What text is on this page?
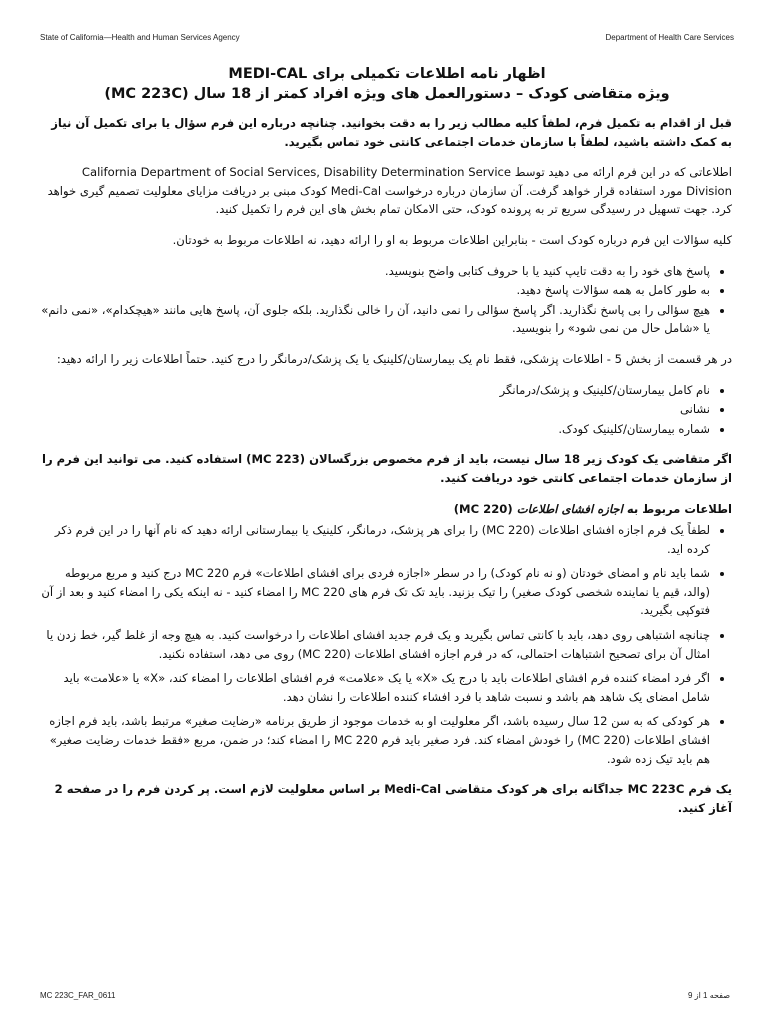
State of California—Health and Human Services Agency	Department of Health Care Services
اظهار نامه اطلاعات تکمیلی برای MEDI-CAL
ویژه متقاضی کودک – دستورالعمل های ویژه افراد کمتر از 18 سال (MC 223C)

قبل از اقدام به تکمیل فرم، لطفاً کلیه مطالب زیر را به دقت بخوانید. چنانچه درباره این فرم سؤال یا برای تکمیل آن نیاز به کمک داشته باشید، لطفاً با سازمان خدمات اجتماعی کانتی خود تماس بگیرید.

اطلاعاتی که در این فرم ارائه می دهید توسط California Department of Social Services, Disability Determination Service Division مورد استفاده قرار خواهد گرفت. آن سازمان درباره درخواست Medi-Cal کودک مبنی بر دریافت مزایای معلولیت تصمیم گیری خواهد کرد. جهت تسهیل در رسیدگی سریع تر به پرونده کودک، حتی الامکان تمام بخش های این فرم را تکمیل کنید.

کلیه سؤالات این فرم درباره کودک است - بنابراین اطلاعات مربوط به او را ارائه دهید، نه اطلاعات مربوط به خودتان.

• پاسخ های خود را به دقت تایپ کنید یا با حروف کتابی واضح بنویسید.
• به طور کامل به همه سؤالات پاسخ دهید.
• هیچ سؤالی را بی پاسخ نگذارید. اگر پاسخ سؤالی را نمی دانید، آن را خالی نگذارید. بلکه جلوی آن، پاسخ هایی مانند «هیچکدام»، «نمی دانم» یا «شامل حال من نمی شود» را بنویسید.

در هر قسمت از بخش 5 - اطلاعات پزشکی، فقط نام یک بیمارستان/کلینیک یا یک پزشک/درمانگر را درج کنید. حتماً اطلاعات زیر را ارائه دهید:

• نام کامل بیمارستان/کلینیک و پزشک/درمانگر
• نشانی
• شماره بیمارستان/کلینیک کودک.

اگر متقاضی یک کودک زیر 18 سال نیست، باید از فرم مخصوص بزرگسالان (MC 223) استفاده کنید. می توانید این فرم را از سازمان خدمات اجتماعی کانتی خود دریافت کنید.

اطلاعات مربوط به اجازه افشای اطلاعات (MC 220)
• لطفاً یک فرم اجازه افشای اطلاعات (MC 220) را برای هر پزشک، درمانگر، کلینیک یا بیمارستانی ارائه دهید که نام آنها را در این فرم ذکر کرده اید.
• شما باید نام و امضای خودتان (و نه نام کودک) را در سطر «اجازه فردی برای افشای اطلاعات» فرم MC 220 درج کنید و مربع مربوطه (والد، قیم یا نماینده شخصی کودک صغیر) را تیک بزنید. باید تک تک فرم های MC 220 را امضاء کنید - نه اینکه یکی را امضاء کنید و بعد از آن فتوکپی بگیرید.
• چنانچه اشتباهی روی دهد، باید با کانتی تماس بگیرید و یک فرم جدید افشای اطلاعات را درخواست کنید. به هیچ وجه از غلط گیر، خط زدن یا امثال آن برای تصحیح اشتباهات احتمالی، که در فرم اجازه افشای اطلاعات (MC 220) روی می دهد، استفاده نکنید.
• اگر فرد امضاء کننده فرم افشای اطلاعات باید با درج یک «X» یا یک «علامت» فرم افشای اطلاعات را امضاء کند، «X» یا «علامت» باید شامل امضای یک شاهد هم باشد و نسبت شاهد با فرد افشاء کننده اطلاعات را نشان دهد.
• هر کودکی که به سن 12 سال رسیده باشد، اگر معلولیت او به خدمات موجود از طریق برنامه «رضایت صغیر» مرتبط باشد، باید فرم اجازه افشای اطلاعات (MC 220) را خودش امضاء کند. فرد صغیر باید فرم MC 220 را امضاء کند؛ در ضمن، مربع «فقط خدمات رضایت صغیر» هم باید تیک زده شود.

یک فرم MC 223C جداگانه برای هر کودک متقاضی Medi-Cal بر اساس معلولیت لازم است. پر کردن فرم را در صفحه 2 آغاز کنید.

MC 223C_FAR_0611	صفحه 1 از 9
